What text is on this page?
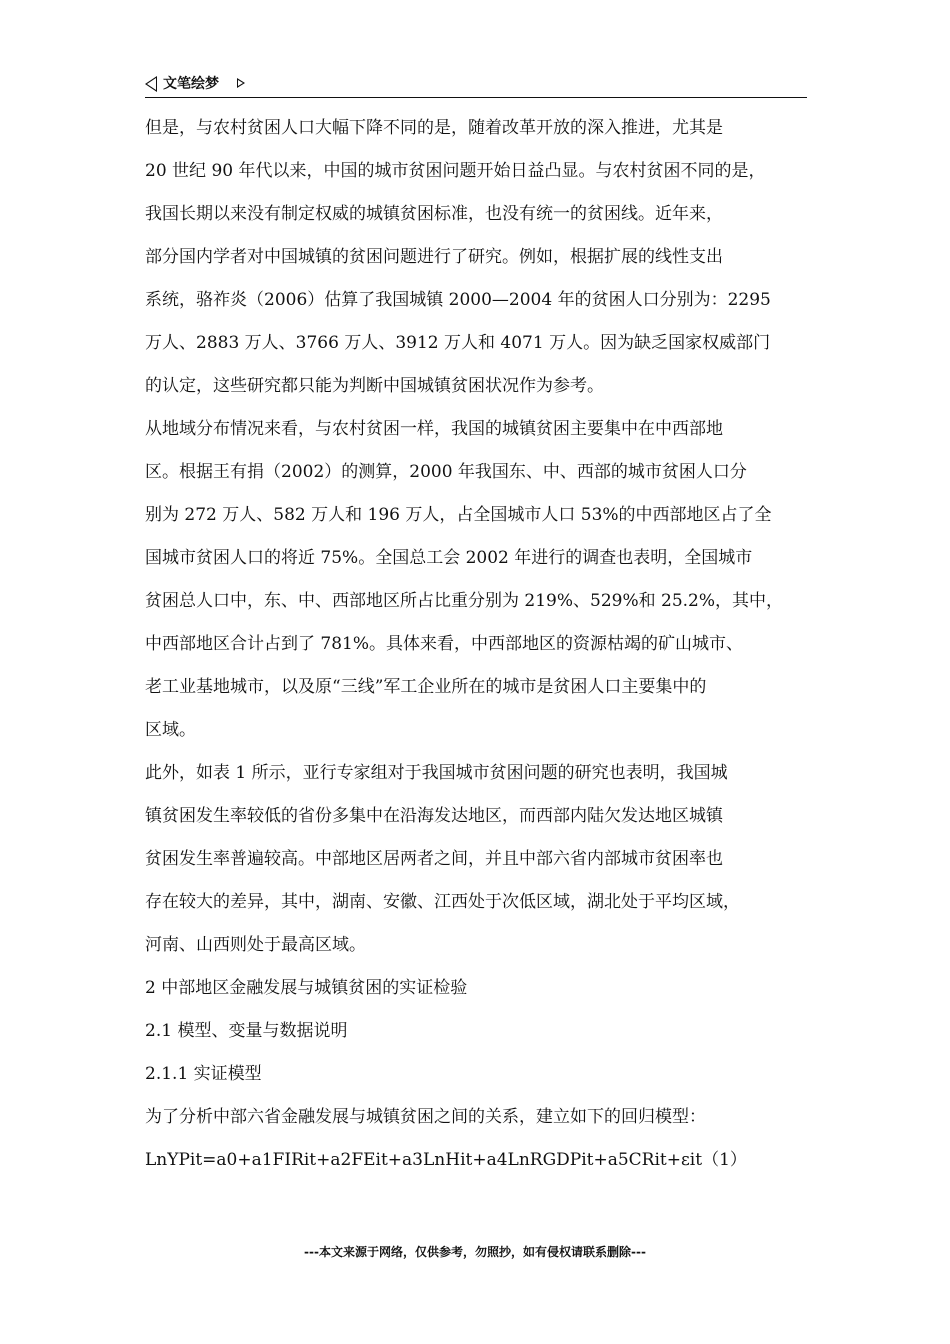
文笔绘梦
但是，与农村贫困人口大幅下降不同的是，随着改革开放的深入推进，尤其是
20 世纪 90 年代以来，中国的城市贫困问题开始日益凸显。与农村贫困不同的是，
我国长期以来没有制定权威的城镇贫困标准，也没有统一的贫困线。近年来，
部分国内学者对中国城镇的贫困问题进行了研究。例如，根据扩展的线性支出
系统，骆祚炎（2006）估算了我国城镇 2000—2004 年的贫困人口分别为：2295
万人、2883 万人、3766 万人、3912 万人和 4071 万人。因为缺乏国家权威部门
的认定，这些研究都只能为判断中国城镇贫困状况作为参考。
从地域分布情况来看，与农村贫困一样，我国的城镇贫困主要集中在中西部地
区。根据王有捐（2002）的测算，2000 年我国东、中、西部的城市贫困人口分
别为 272 万人、582 万人和 196 万人，占全国城市人口 53%的中西部地区占了全
国城市贫困人口的将近 75%。全国总工会 2002 年进行的调查也表明，全国城市
贫困总人口中，东、中、西部地区所占比重分别为 219%、529%和 25.2%，其中，
中西部地区合计占到了 781%。具体来看，中西部地区的资源枯竭的矿山城市、
老工业基地城市，以及原“三线”军工企业所在的城市是贫困人口主要集中的
区域。
此外，如表 1 所示，亚行专家组对于我国城市贫困问题的研究也表明，我国城
镇贫困发生率较低的省份多集中在沿海发达地区，而西部内陆欠发达地区城镇
贫困发生率普遍较高。中部地区居两者之间，并且中部六省内部城市贫困率也
存在较大的差异，其中，湖南、安徽、江西处于次低区域，湖北处于平均区域，
河南、山西则处于最高区域。
2 中部地区金融发展与城镇贫困的实证检验
2.1 模型、变量与数据说明
2.1.1 实证模型
为了分析中部六省金融发展与城镇贫困之间的关系，建立如下的回归模型：
LnYPit=a0+a1FIRit+a2FEit+a3LnHit+a4LnRGDPit+a5CRit+εit（1）
---本文来源于网络，仅供参考，勿照抄，如有侵权请联系删除---
